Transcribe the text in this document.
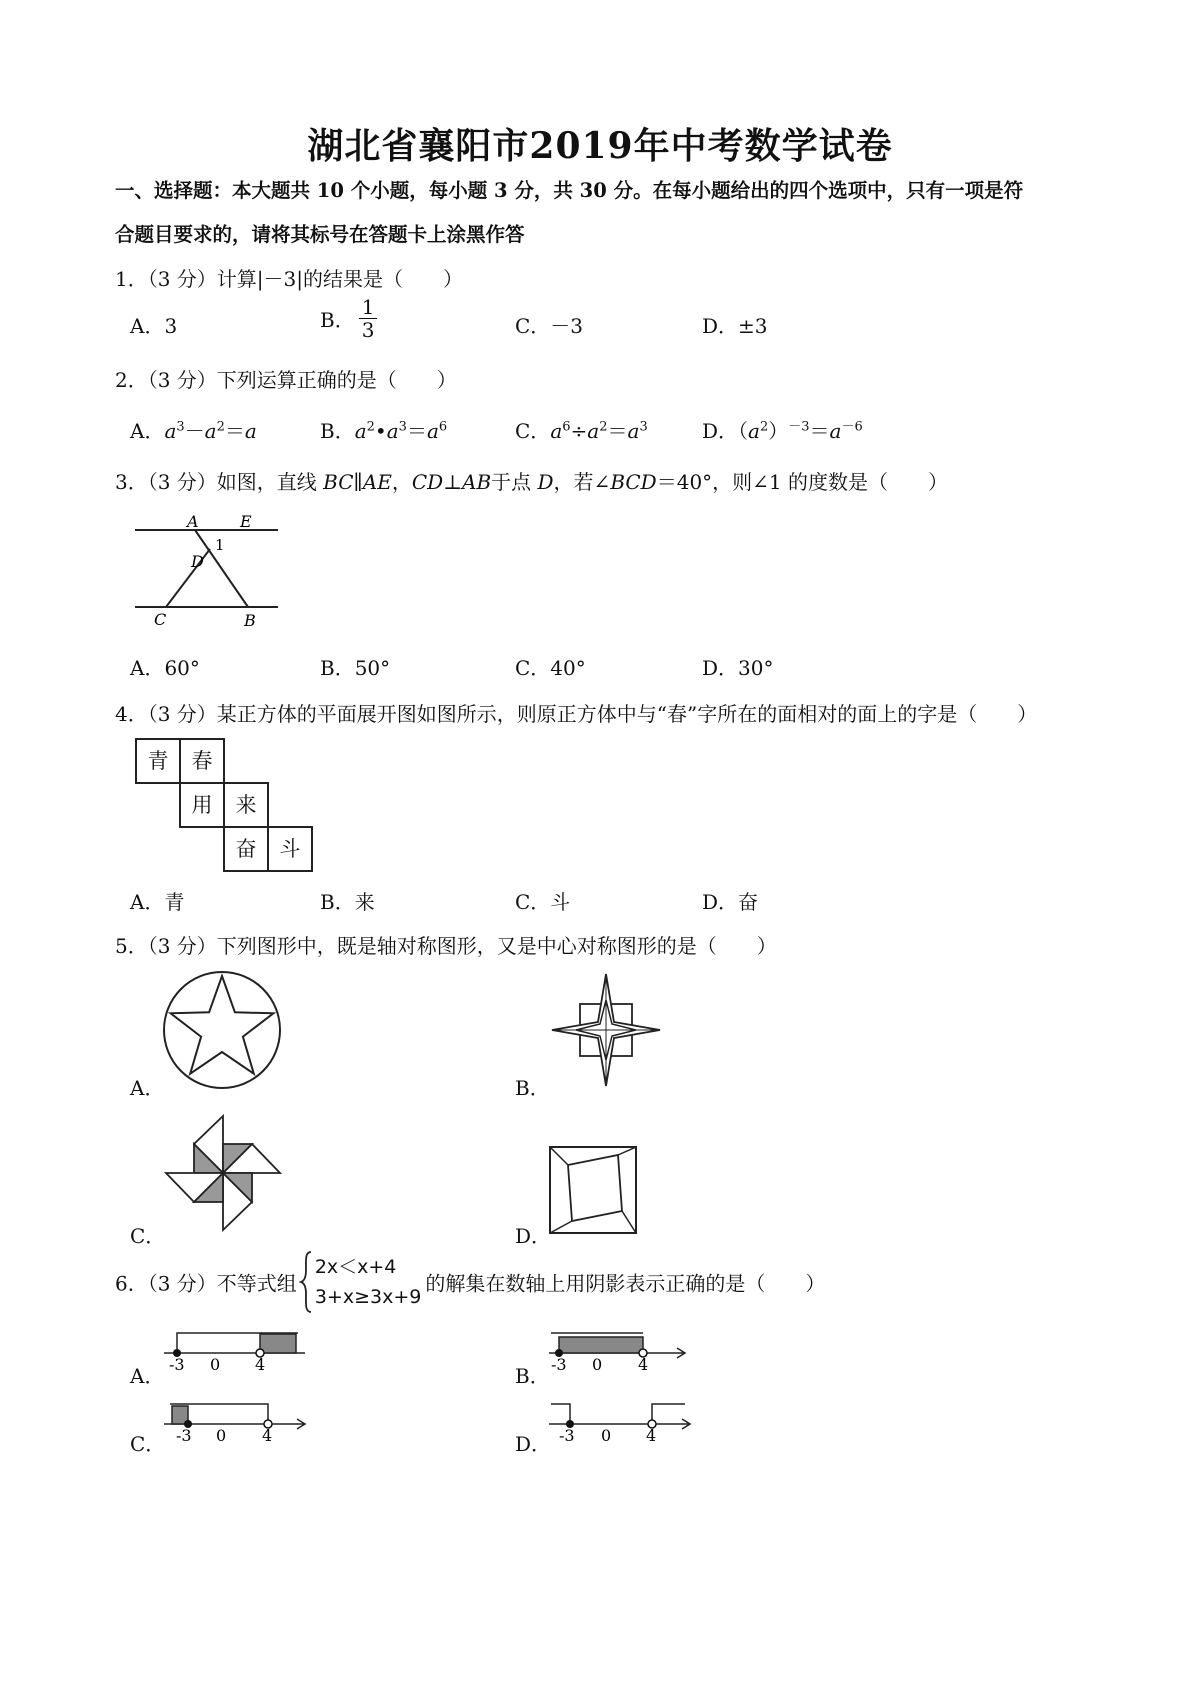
湖北省襄阳市2019年中考数学试卷
一、选择题：本大题共 10 个小题，每小题 3 分，共 30 分。在每小题给出的四个选项中，只有一项是符
合题目要求的，请将其标号在答题卡上涂黑作答
1．（3 分）计算|－3|的结果是（　　）
A．3	B． $\frac{1}{3}$	C．－3	D．±3
2．（3 分）下列运算正确的是（　　）
A．$a^3-a^2=a$	B．$a^2•a^3=a^6$	C．$a^6\div a^2=a^3$	D．$(a^2)^{-3}=a^{-6}$
3．（3 分）如图，直线 BC∥AE，CD⊥AB于点 D，若∠BCD＝40°，则∠1 的度数是（　　）
A	E
1
D
C	B
A．60°	B．50°	C．40°	D．30°
4．（3 分）某正方体的平面展开图如图所示，则原正方体中与“春”字所在的面相对的面上的字是（　　）
青	春
用	来
奋	斗
A．青	B．来	C．斗	D．奋
5．（3 分）下列图形中，既是轴对称图形，又是中心对称图形的是（　　）
A．	B．
C．	D．
6．（3 分）不等式组
2x＜x+4
3+x≥3x+9
的解集在数轴上用阴影表示正确的是（　　）
-3 0 4
A．	-3 0 4
B．
-3 0 4
C．	-3 0 4
D．
